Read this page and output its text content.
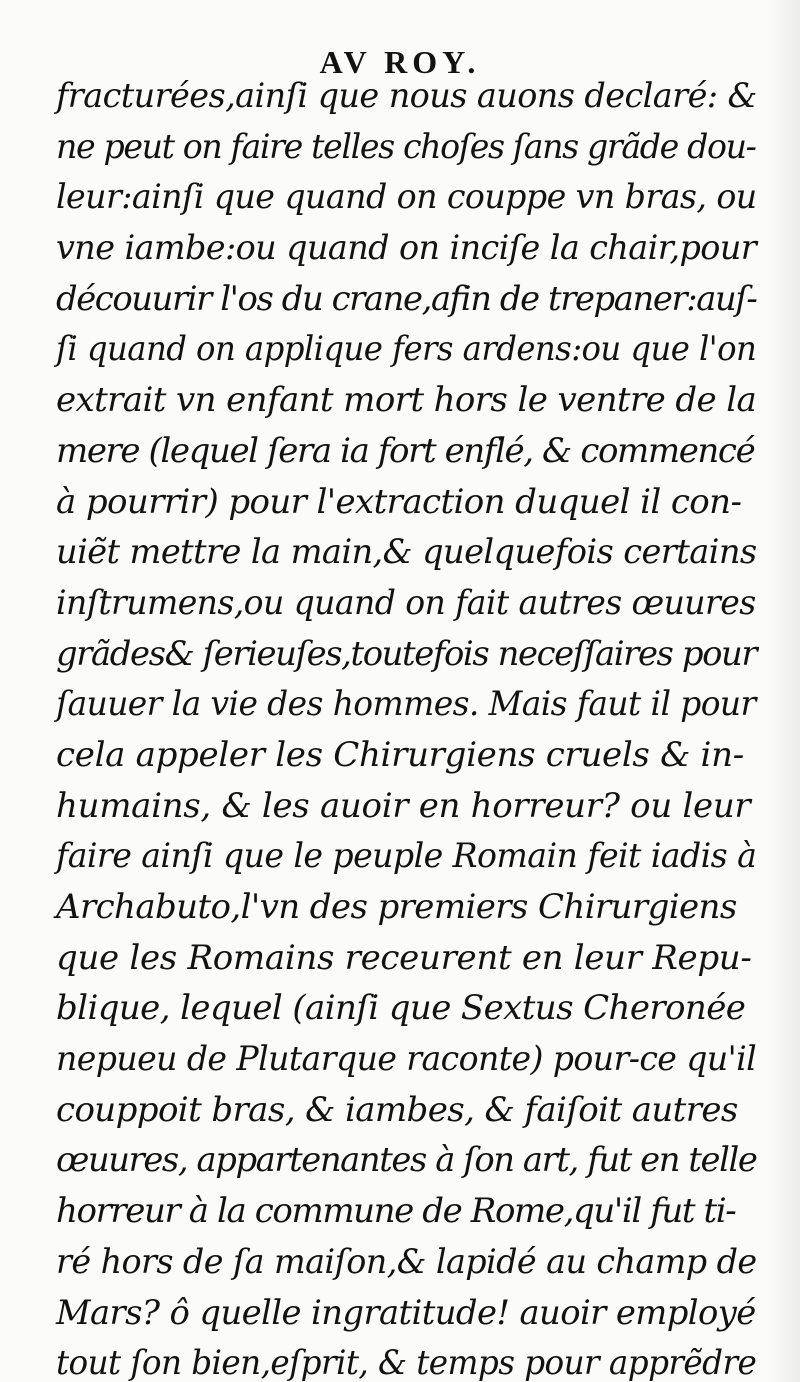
AV ROY.
fracturées,ainſi que nous auons declaré: &
ne peut on faire telles choſes ſans grãde dou-
leur:ainſi que quand on couppe vn bras, ou
vne iambe:ou quand on inciſe la chair,pour
découurir l'os du crane,afin de trepaner:auſ-
ſi quand on applique fers ardens:ou que l'on
extrait vn enfant mort hors le ventre de la
mere (lequel ſera ia fort enflé, & commencé
à pourrir) pour l'extraction duquel il con-
uiẽt mettre la main,& quelquefois certains
inſtrumens,ou quand on fait autres œuures
grãdes& ſerieuſes,toutefois neceſſaires pour
ſauuer la vie des hommes. Mais faut il pour
cela appeler les Chirurgiens cruels & in-
humains, & les auoir en horreur? ou leur
faire ainſi que le peuple Romain feit iadis à
Archabuto,l'vn des premiers Chirurgiens
que les Romains receurent en leur Repu-
blique, lequel (ainſi que Sextus Cheronée
nepueu de Plutarque raconte) pour-ce qu'il
couppoit bras, & iambes, & faiſoit autres
œuures, appartenantes à ſon art, fut en telle
horreur à la commune de Rome,qu'il fut ti-
ré hors de ſa maiſon,& lapidé au champ de
Mars? ô quelle ingratitude! auoir employé
tout ſon bien,eſprit, & temps pour apprẽdre
